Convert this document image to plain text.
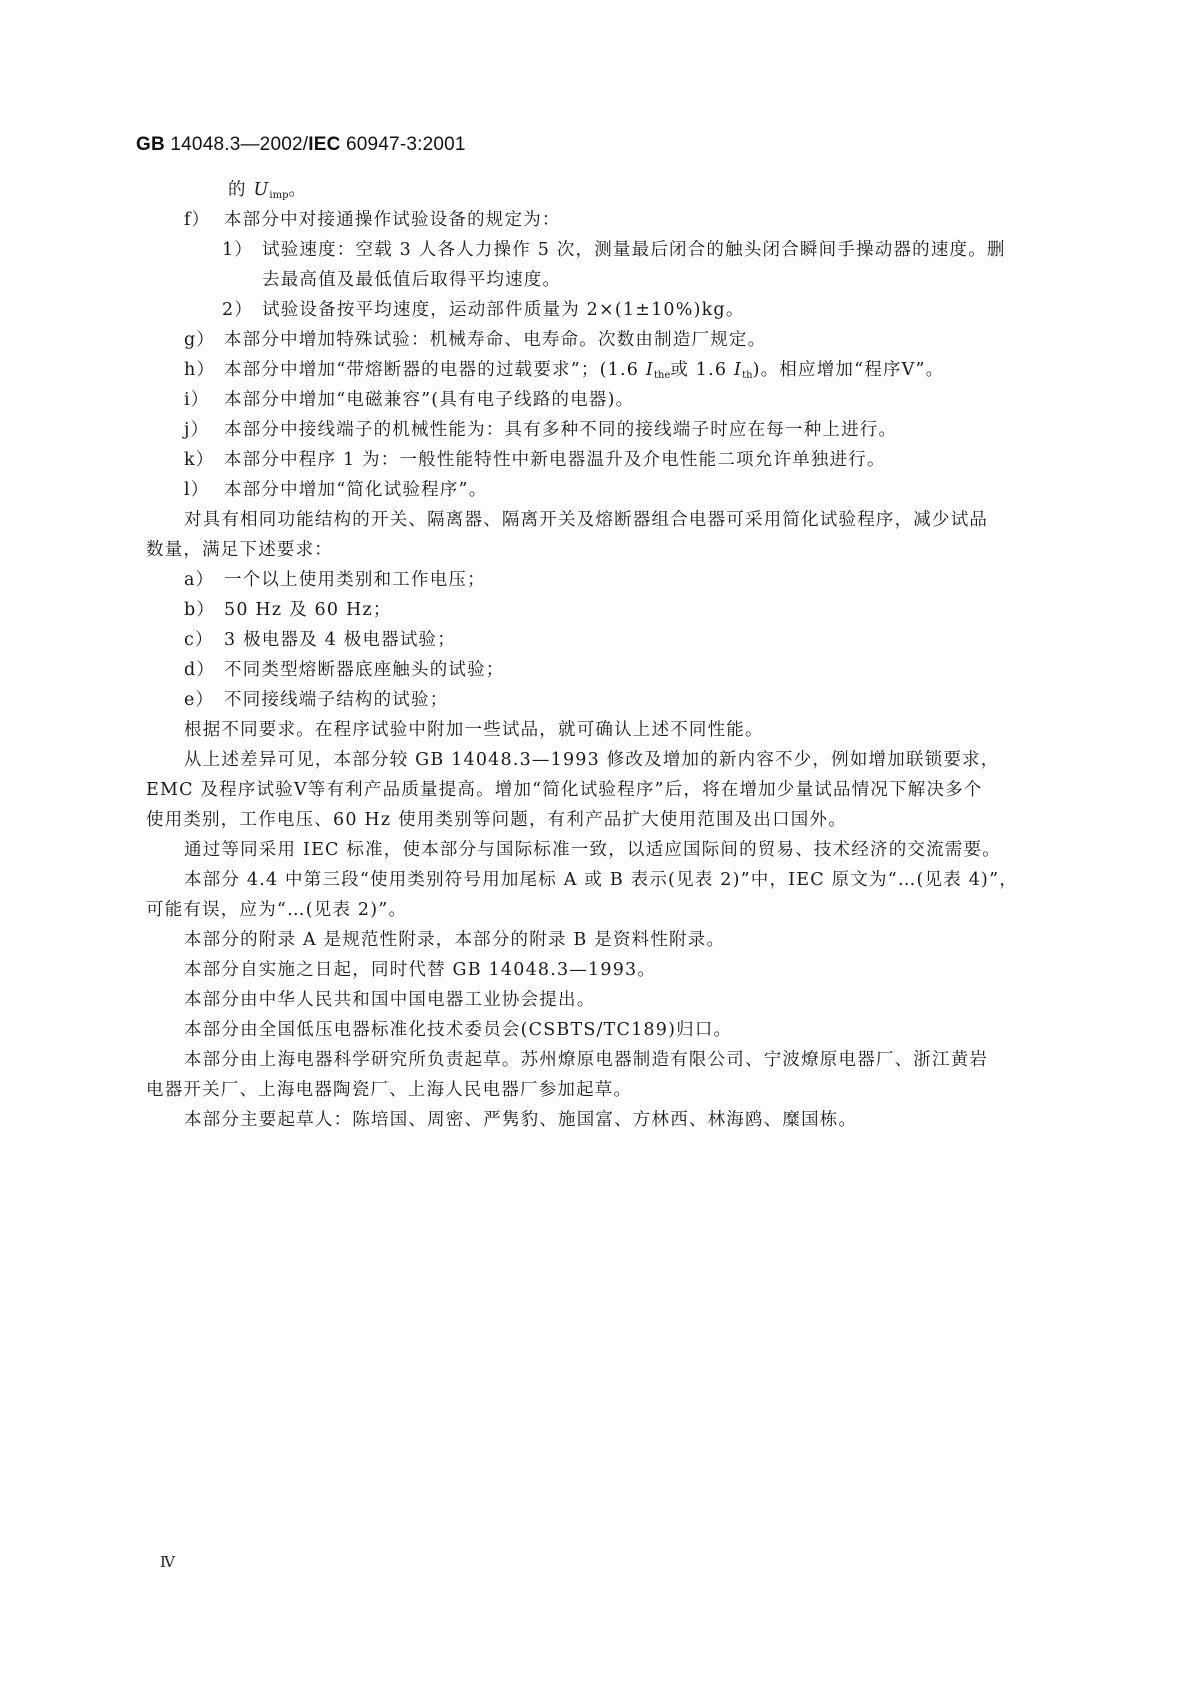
GB 14048.3—2002/IEC 60947-3:2001
的 $U_{imp}$。
f） 本部分中对接通操作试验设备的规定为：
1） 试验速度：空载 3 人各人力操作 5 次，测量最后闭合的触头闭合瞬间手操动器的速度。删
去最高值及最低值后取得平均速度。
2） 试验设备按平均速度，运动部件质量为 2×(1±10%)kg。
g） 本部分中增加特殊试验：机械寿命、电寿命。次数由制造厂规定。
h） 本部分中增加“带熔断器的电器的过载要求”；(1.6 $I_{the}$或 1.6 $I_{th}$)。相应增加“程序Ⅴ”。
i） 本部分中增加“电磁兼容”(具有电子线路的电器)。
j） 本部分中接线端子的机械性能为：具有多种不同的接线端子时应在每一种上进行。
k） 本部分中程序 1 为：一般性能特性中新电器温升及介电性能二项允许单独进行。
l） 本部分中增加“简化试验程序”。
对具有相同功能结构的开关、隔离器、隔离开关及熔断器组合电器可采用简化试验程序，减少试品
数量，满足下述要求：
a） 一个以上使用类别和工作电压；
b） 50 Hz 及 60 Hz；
c） 3 极电器及 4 极电器试验；
d） 不同类型熔断器底座触头的试验；
e） 不同接线端子结构的试验；
根据不同要求。在程序试验中附加一些试品，就可确认上述不同性能。
从上述差异可见，本部分较 GB 14048.3—1993 修改及增加的新内容不少，例如增加联锁要求，
EMC 及程序试验Ⅴ等有利产品质量提高。增加“简化试验程序”后，将在增加少量试品情况下解决多个
使用类别，工作电压、60 Hz 使用类别等问题，有利产品扩大使用范围及出口国外。
通过等同采用 IEC 标准，使本部分与国际标准一致，以适应国际间的贸易、技术经济的交流需要。
本部分 4.4 中第三段“使用类别符号用加尾标 A 或 B 表示(见表 2)”中，IEC 原文为“…(见表 4)”，
可能有误，应为“…(见表 2)”。
本部分的附录 A 是规范性附录，本部分的附录 B 是资料性附录。
本部分自实施之日起，同时代替 GB 14048.3—1993。
本部分由中华人民共和国中国电器工业协会提出。
本部分由全国低压电器标准化技术委员会(CSBTS/TC189)归口。
本部分由上海电器科学研究所负责起草。苏州燎原电器制造有限公司、宁波燎原电器厂、浙江黄岩
电器开关厂、上海电器陶瓷厂、上海人民电器厂参加起草。
本部分主要起草人：陈培国、周密、严隽豹、施国富、方林西、林海鸥、糜国栋。
Ⅳ
